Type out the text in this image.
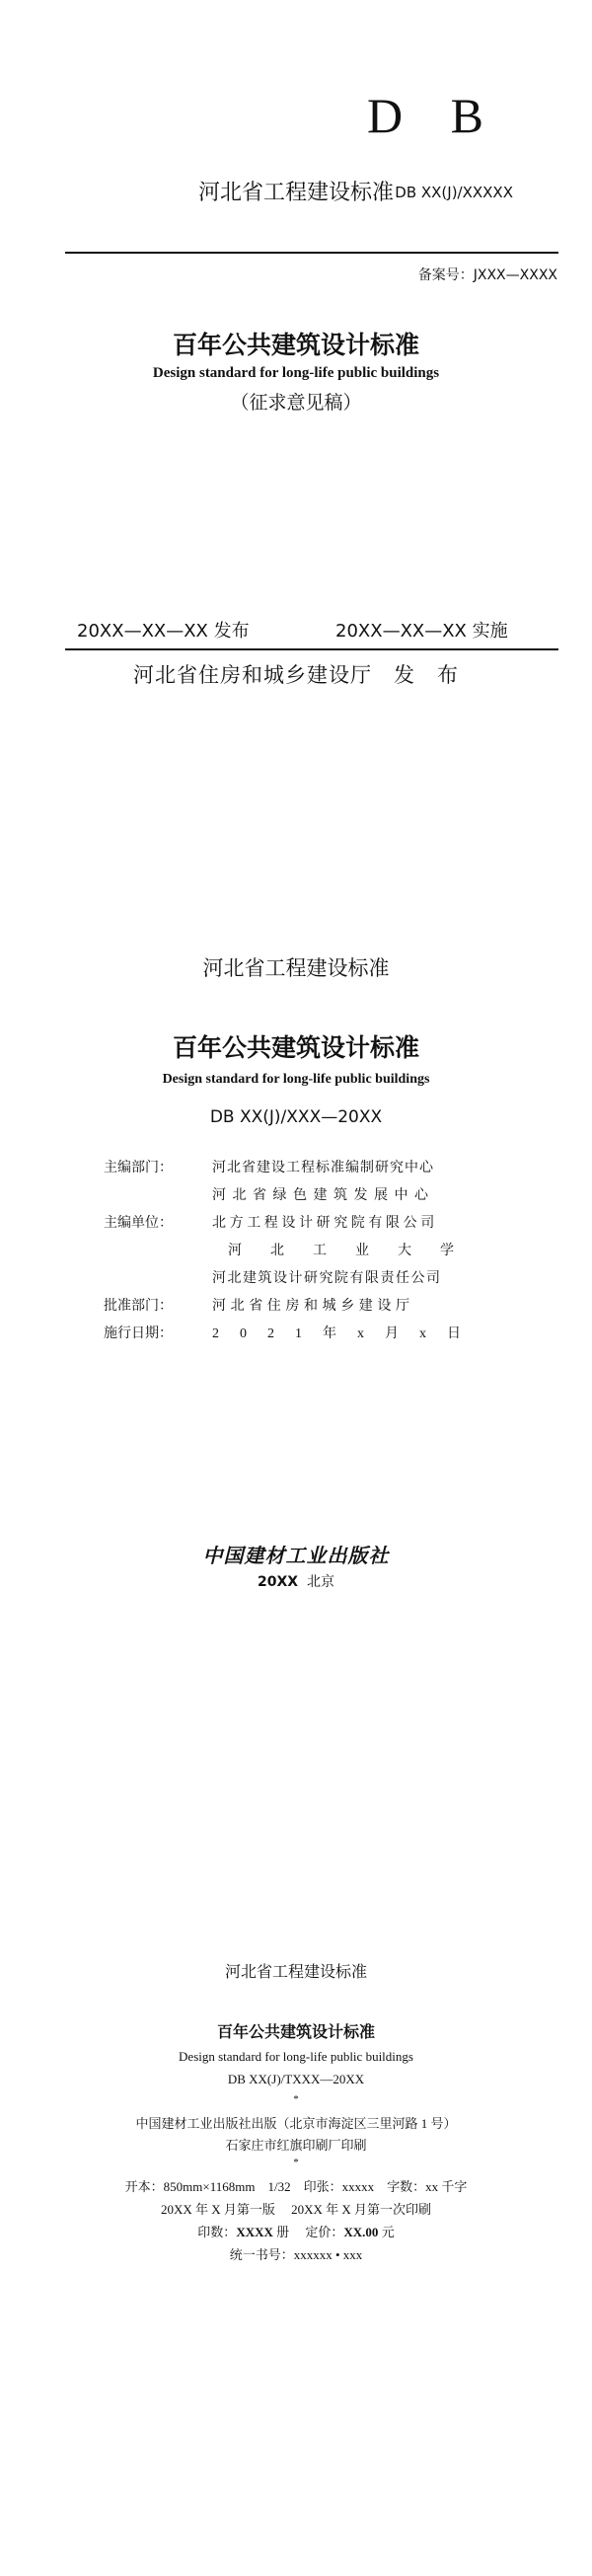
D B
河北省工程建设标准 DB XX(J)/XXXXX
备案号：JXXX—XXXX
百年公共建筑设计标准
Design standard for long-life public buildings
（征求意见稿）
20XX—XX—XX 发布	20XX—XX—XX 实施
河北省住房和城乡建设厅　发　布
河北省工程建设标准
百年公共建筑设计标准
Design standard for long-life public buildings
DB XX(J)/XXX—20XX
主编部门：	河北省建设工程标准编制研究中心
河北省绿色建筑发展中心
主编单位：	北方工程设计研究院有限公司
河北工业大学
河北建筑设计研究院有限责任公司
批准部门：	河北省住房和城乡建设厅
施行日期：	2021年x月x日
中国建材工业出版社
20XX 北京
河北省工程建设标准
百年公共建筑设计标准
Design standard for long-life public buildings
DB XX(J)/TXXX—20XX
*
中国建材工业出版社出版（北京市海淀区三里河路 1 号）
石家庄市红旗印刷厂印刷
*
开本：850mm×1168mm　1/32　印张：xxxxx　字数：xx 千字
20XX 年 X 月第一版　 20XX 年 X 月第一次印刷
印数：XXXX 册 定价：XX.00 元
统一书号：xxxxxx • xxx
